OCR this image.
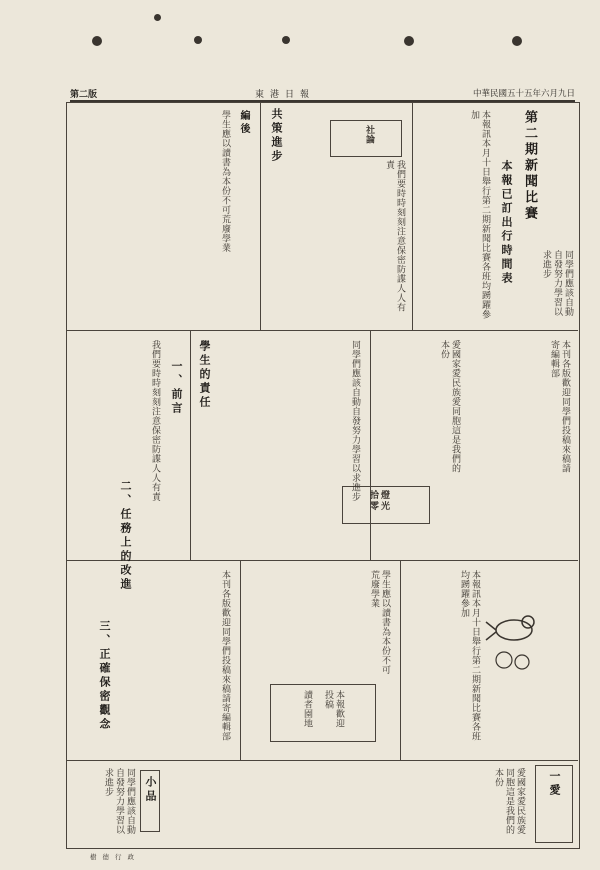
第二版	東港日報	中華民國五十五年六月九日
第二期新聞比賽
本報已訂出行時間表
本報訊本月十日舉行第二期新聞比賽各班均踴躍參加
同學們應該自動自發努力學習以求進步
社論
我們要時時刻刻注意保密防諜人人有責
共策進步
編後
學生應以讀書為本份不可荒廢學業
本刊各版歡迎同學們投稿來稿請寄編輯部
愛國家愛民族愛同胞這是我們的本份
燈光拾零
學生的責任	同學們應該自動自發努力學習以求進步
一、前言
我們要時時刻刻注意保密防諜人人有責
二、任務上的改進
本報歡迎投稿
讀者園地
一愛
本報訊本月十日舉行第二期新聞比賽各班均踴躍參加
學生應以讀書為本份不可荒廢學業
本刊各版歡迎同學們投稿來稿請寄編輯部
三、正確保密觀念
小品	愛國家愛民族愛同胞這是我們的本份
同學們應該自動自發努力學習以求進步
樹德行政
